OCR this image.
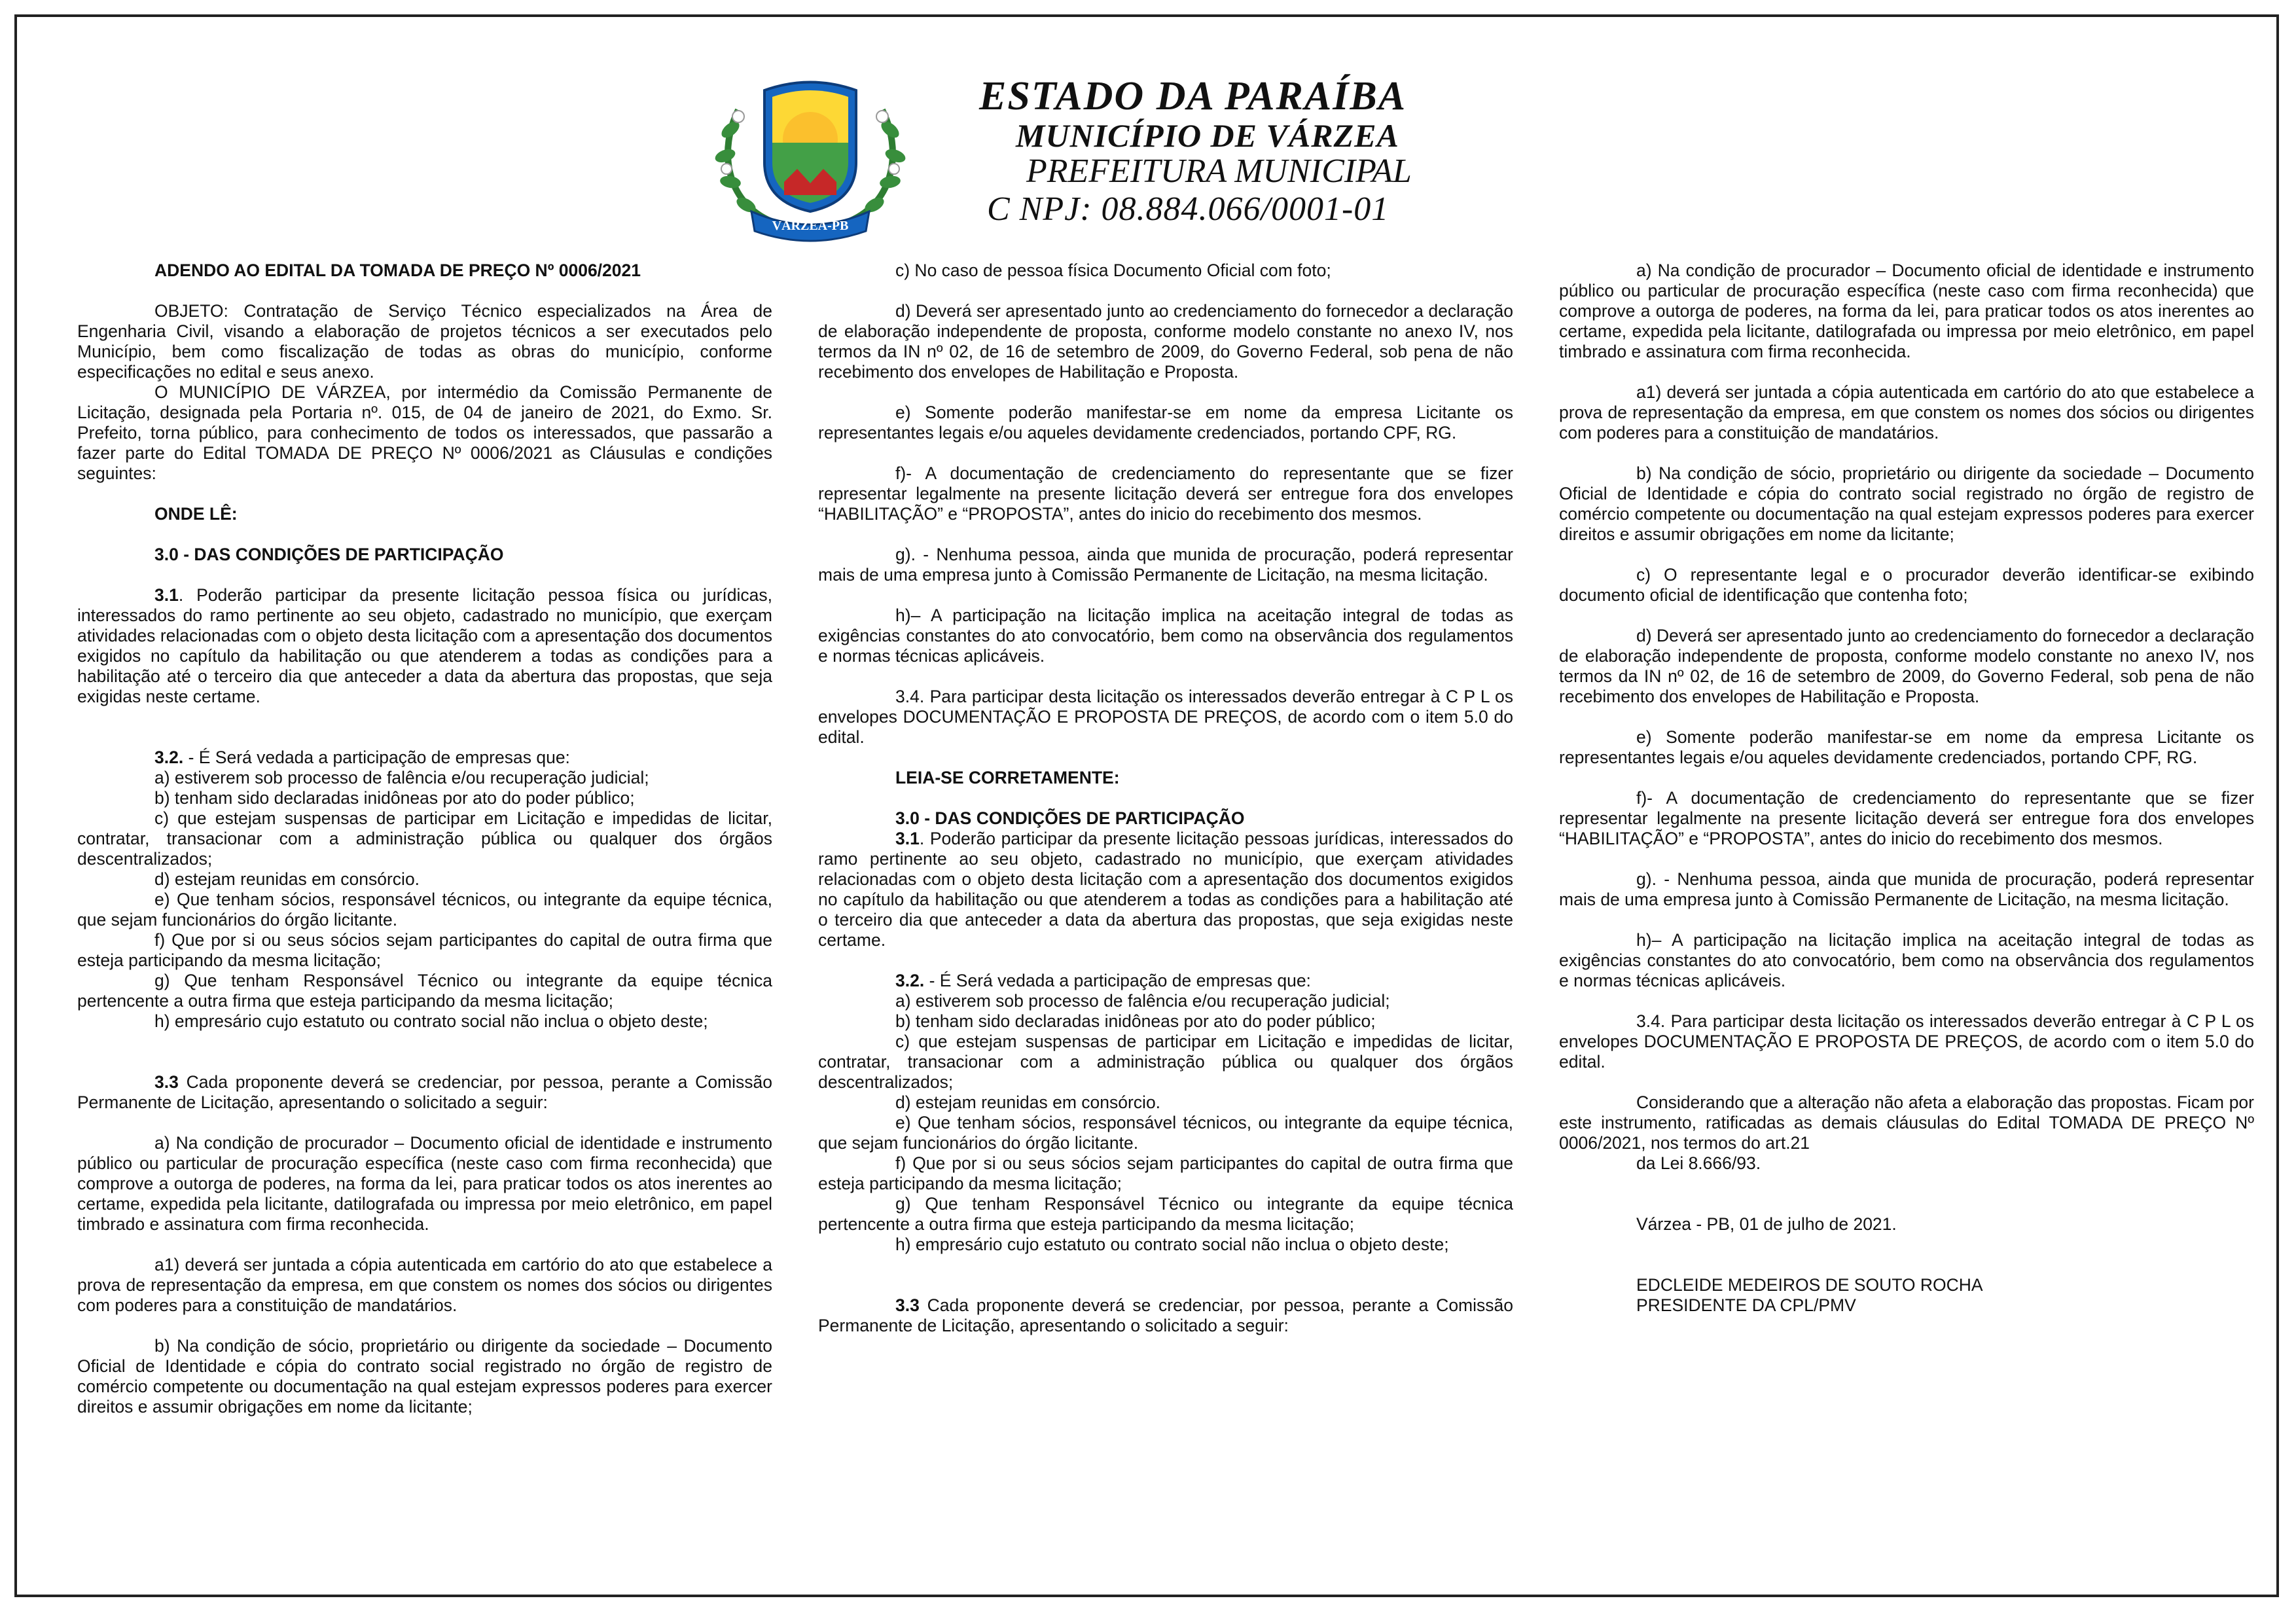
VÁRZEA-PB
ESTADO DA PARAÍBA
MUNICÍPIO DE VÁRZEA
PREFEITURA MUNICIPAL
C NPJ: 08.884.066/0001-01

ADENDO AO EDITAL DA TOMADA DE PREÇO Nº 0006/2021

OBJETO: Contratação de Serviço Técnico especializados na Área de Engenharia Civil, visando a elaboração de projetos técnicos a ser executados pelo Município, bem como fiscalização de todas as obras do município, conforme especificações no edital e seus anexo.

O MUNICÍPIO DE VÁRZEA, por intermédio da Comissão Permanente de Licitação, designada pela Portaria nº. 015, de 04 de janeiro de 2021, do Exmo. Sr. Prefeito, torna público, para conhecimento de todos os interessados, que passarão a fazer parte do Edital TOMADA DE PREÇO Nº 0006/2021 as Cláusulas e condições seguintes:

ONDE LÊ:

3.0 - DAS CONDIÇÕES DE PARTICIPAÇÃO

3.1. Poderão participar da presente licitação pessoa física ou jurídicas, interessados do ramo pertinente ao seu objeto, cadastrado no município, que exerçam atividades relacionadas com o objeto desta licitação com a apresentação dos documentos exigidos no capítulo da habilitação ou que atenderem a todas as condições para a habilitação até o terceiro dia que anteceder a data da abertura das propostas, que seja exigidas neste certame.

3.2. - É Será vedada a participação de empresas que:

a) estiverem sob processo de falência e/ou recuperação judicial;

b) tenham sido declaradas inidôneas por ato do poder público;

c) que estejam suspensas de participar em Licitação e impedidas de licitar, contratar, transacionar com a administração pública ou qualquer dos órgãos descentralizados;

d) estejam reunidas em consórcio.

e) Que tenham sócios, responsável técnicos, ou integrante da equipe técnica, que sejam funcionários do órgão licitante.

f) Que por si ou seus sócios sejam participantes do capital de outra firma que esteja participando da mesma licitação;

g) Que tenham Responsável Técnico ou integrante da equipe técnica pertencente a outra firma que esteja participando da mesma licitação;

h) empresário cujo estatuto ou contrato social não inclua o objeto deste;

3.3 Cada proponente deverá se credenciar, por pessoa, perante a Comissão Permanente de Licitação, apresentando o solicitado a seguir:

a) Na condição de procurador – Documento oficial de identidade e instrumento público ou particular de procuração específica (neste caso com firma reconhecida) que comprove a outorga de poderes, na forma da lei, para praticar todos os atos inerentes ao certame, expedida pela licitante, datilografada ou impressa por meio eletrônico, em papel timbrado e assinatura com firma reconhecida.

a1) deverá ser juntada a cópia autenticada em cartório do ato que estabelece a prova de representação da empresa, em que constem os nomes dos sócios ou dirigentes com poderes para a constituição de mandatários.

b) Na condição de sócio, proprietário ou dirigente da sociedade – Documento Oficial de Identidade e cópia do contrato social registrado no órgão de registro de comércio competente ou documentação na qual estejam expressos poderes para exercer direitos e assumir obrigações em nome da licitante;

c) No caso de pessoa física Documento Oficial com foto;

d) Deverá ser apresentado junto ao credenciamento do fornecedor a declaração de elaboração independente de proposta, conforme modelo constante no anexo IV, nos termos da IN nº 02, de 16 de setembro de 2009, do Governo Federal, sob pena de não recebimento dos envelopes de Habilitação e Proposta.

e) Somente poderão manifestar-se em nome da empresa Licitante os representantes legais e/ou aqueles devidamente credenciados, portando CPF, RG.

f)- A documentação de credenciamento do representante que se fizer representar legalmente na presente licitação deverá ser entregue fora dos envelopes “HABILITAÇÃO” e “PROPOSTA”, antes do inicio do recebimento dos mesmos.

g). - Nenhuma pessoa, ainda que munida de procuração, poderá representar mais de uma empresa junto à Comissão Permanente de Licitação, na mesma licitação.

h)– A participação na licitação implica na aceitação integral de todas as exigências constantes do ato convocatório, bem como na observância dos regulamentos e normas técnicas aplicáveis.

3.4. Para participar desta licitação os interessados deverão entregar à C P L os envelopes DOCUMENTAÇÃO E PROPOSTA DE PREÇOS, de acordo com o item 5.0 do edital.

LEIA-SE CORRETAMENTE:

3.0 - DAS CONDIÇÕES DE PARTICIPAÇÃO

3.1. Poderão participar da presente licitação pessoas jurídicas, interessados do ramo pertinente ao seu objeto, cadastrado no município, que exerçam atividades relacionadas com o objeto desta licitação com a apresentação dos documentos exigidos no capítulo da habilitação ou que atenderem a todas as condições para a habilitação até o terceiro dia que anteceder a data da abertura das propostas, que seja exigidas neste certame.

3.2. - É Será vedada a participação de empresas que:

a) estiverem sob processo de falência e/ou recuperação judicial;

b) tenham sido declaradas inidôneas por ato do poder público;

c) que estejam suspensas de participar em Licitação e impedidas de licitar, contratar, transacionar com a administração pública ou qualquer dos órgãos descentralizados;

d) estejam reunidas em consórcio.

e) Que tenham sócios, responsável técnicos, ou integrante da equipe técnica, que sejam funcionários do órgão licitante.

f) Que por si ou seus sócios sejam participantes do capital de outra firma que esteja participando da mesma licitação;

g) Que tenham Responsável Técnico ou integrante da equipe técnica pertencente a outra firma que esteja participando da mesma licitação;

h) empresário cujo estatuto ou contrato social não inclua o objeto deste;

3.3 Cada proponente deverá se credenciar, por pessoa, perante a Comissão Permanente de Licitação, apresentando o solicitado a seguir:

a) Na condição de procurador – Documento oficial de identidade e instrumento público ou particular de procuração específica (neste caso com firma reconhecida) que comprove a outorga de poderes, na forma da lei, para praticar todos os atos inerentes ao certame, expedida pela licitante, datilografada ou impressa por meio eletrônico, em papel timbrado e assinatura com firma reconhecida.

a1) deverá ser juntada a cópia autenticada em cartório do ato que estabelece a prova de representação da empresa, em que constem os nomes dos sócios ou dirigentes com poderes para a constituição de mandatários.

b) Na condição de sócio, proprietário ou dirigente da sociedade – Documento Oficial de Identidade e cópia do contrato social registrado no órgão de registro de comércio competente ou documentação na qual estejam expressos poderes para exercer direitos e assumir obrigações em nome da licitante;

c) O representante legal e o procurador deverão identificar-se exibindo documento oficial de identificação que contenha foto;

d) Deverá ser apresentado junto ao credenciamento do fornecedor a declaração de elaboração independente de proposta, conforme modelo constante no anexo IV, nos termos da IN nº 02, de 16 de setembro de 2009, do Governo Federal, sob pena de não recebimento dos envelopes de Habilitação e Proposta.

e) Somente poderão manifestar-se em nome da empresa Licitante os representantes legais e/ou aqueles devidamente credenciados, portando CPF, RG.

f)- A documentação de credenciamento do representante que se fizer representar legalmente na presente licitação deverá ser entregue fora dos envelopes “HABILITAÇÃO” e “PROPOSTA”, antes do inicio do recebimento dos mesmos.

g). - Nenhuma pessoa, ainda que munida de procuração, poderá representar mais de uma empresa junto à Comissão Permanente de Licitação, na mesma licitação.

h)– A participação na licitação implica na aceitação integral de todas as exigências constantes do ato convocatório, bem como na observância dos regulamentos e normas técnicas aplicáveis.

3.4. Para participar desta licitação os interessados deverão entregar à C P L os envelopes DOCUMENTAÇÃO E PROPOSTA DE PREÇOS, de acordo com o item 5.0 do edital.

Considerando que a alteração não afeta a elaboração das propostas. Ficam por este instrumento, ratificadas as demais cláusulas do Edital TOMADA DE PREÇO Nº 0006/2021, nos termos do art.21

da Lei 8.666/93.

Várzea - PB, 01 de julho de 2021.

EDCLEIDE MEDEIROS DE SOUTO ROCHA

PRESIDENTE DA CPL/PMV
